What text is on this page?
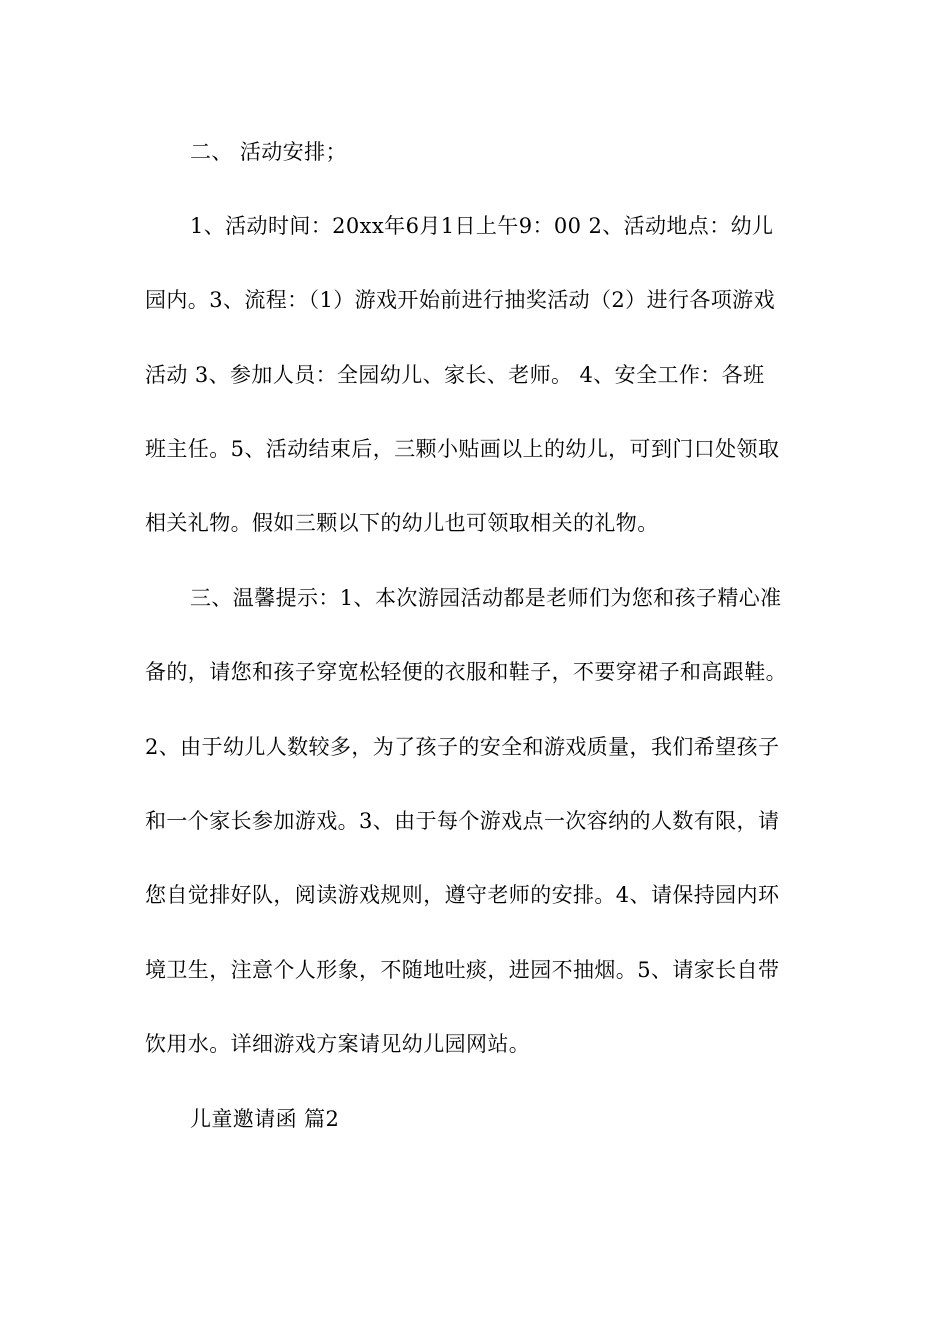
二、 活动安排；
1、活动时间：20xx年6月1日上午9：00 2、活动地点：幼儿
园内。3、流程：（1）游戏开始前进行抽奖活动（2）进行各项游戏
活动 3、参加人员：全园幼儿、家长、老师。 4、安全工作：各班
班主任。5、活动结束后，三颗小贴画以上的幼儿，可到门口处领取
相关礼物。假如三颗以下的幼儿也可领取相关的礼物。
三、温馨提示：1、本次游园活动都是老师们为您和孩子精心准
备的，请您和孩子穿宽松轻便的衣服和鞋子，不要穿裙子和高跟鞋。
2、由于幼儿人数较多，为了孩子的安全和游戏质量，我们希望孩子
和一个家长参加游戏。3、由于每个游戏点一次容纳的人数有限，请
您自觉排好队，阅读游戏规则，遵守老师的安排。4、请保持园内环
境卫生，注意个人形象，不随地吐痰，进园不抽烟。5、请家长自带
饮用水。详细游戏方案请见幼儿园网站。
儿童邀请函 篇2
